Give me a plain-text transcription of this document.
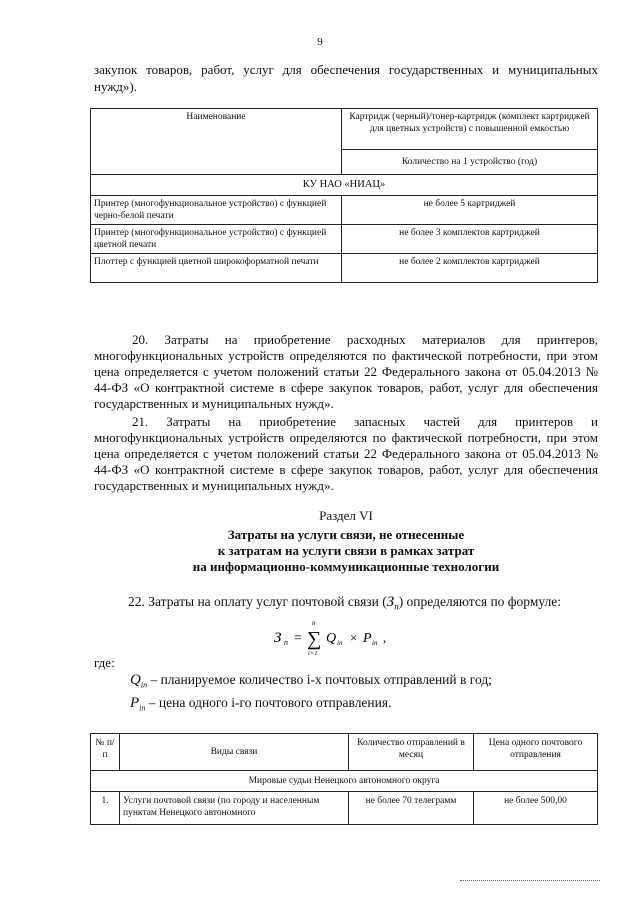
9
закупок товаров, работ, услуг для обеспечения государственных и муниципальных нужд»).
Наименование	Картридж (черный)/тонер-картридж (комплект картриджей для цветных устройств) с повышенной емкостью
	Количество на 1 устройство (год)
КУ НАО «НИАЦ»	
Принтер (многофункциональное устройство) с функцией черно-белой печати	не более 5 картриджей
Принтер (многофункциональное устройство) с функцией цветной печати	не более 3 комплектов картриджей
Плоттер с функцией цветной широкоформатной печати	не более 2 комплектов картриджей
20. Затраты на приобретение расходных материалов для принтеров, многофункциональных устройств определяются по фактической потребности, при этом цена определяется с учетом положений статьи 22 Федерального закона от 05.04.2013 № 44-ФЗ «О контрактной системе в сфере закупок товаров, работ, услуг для обеспечения государственных и муниципальных нужд».
21. Затраты на приобретение запасных частей для принтеров и многофункциональных устройств определяются по фактической потребности, при этом цена определяется с учетом положений статьи 22 Федерального закона от 05.04.2013 № 44-ФЗ «О контрактной системе в сфере закупок товаров, работ, услуг для обеспечения государственных и муниципальных нужд».
Раздел VI
Затраты на услуги связи, не отнесенные
к затратам на услуги связи в рамках затрат
на информационно-коммуникационные технологии
22. Затраты на оплату услуг почтовой связи $(З_п)$ определяются по формуле:
З п =
n
∑
i=1
Q iп × P iп ,
где:
$Q_{iп}$ – планируемое количество i-х почтовых отправлений в год;
$P_{iп}$ – цена одного i-го почтового отправления.
№ п/п	Виды связи	Количество отправлений в месяц	Цена одного почтового отправления
Мировые судьи Ненецкого автономного округа			
1.	Услуги почтовой связи (по городу и населенным пунктам Ненецкого автономного	не более 70 телеграмм	не более 500,00
